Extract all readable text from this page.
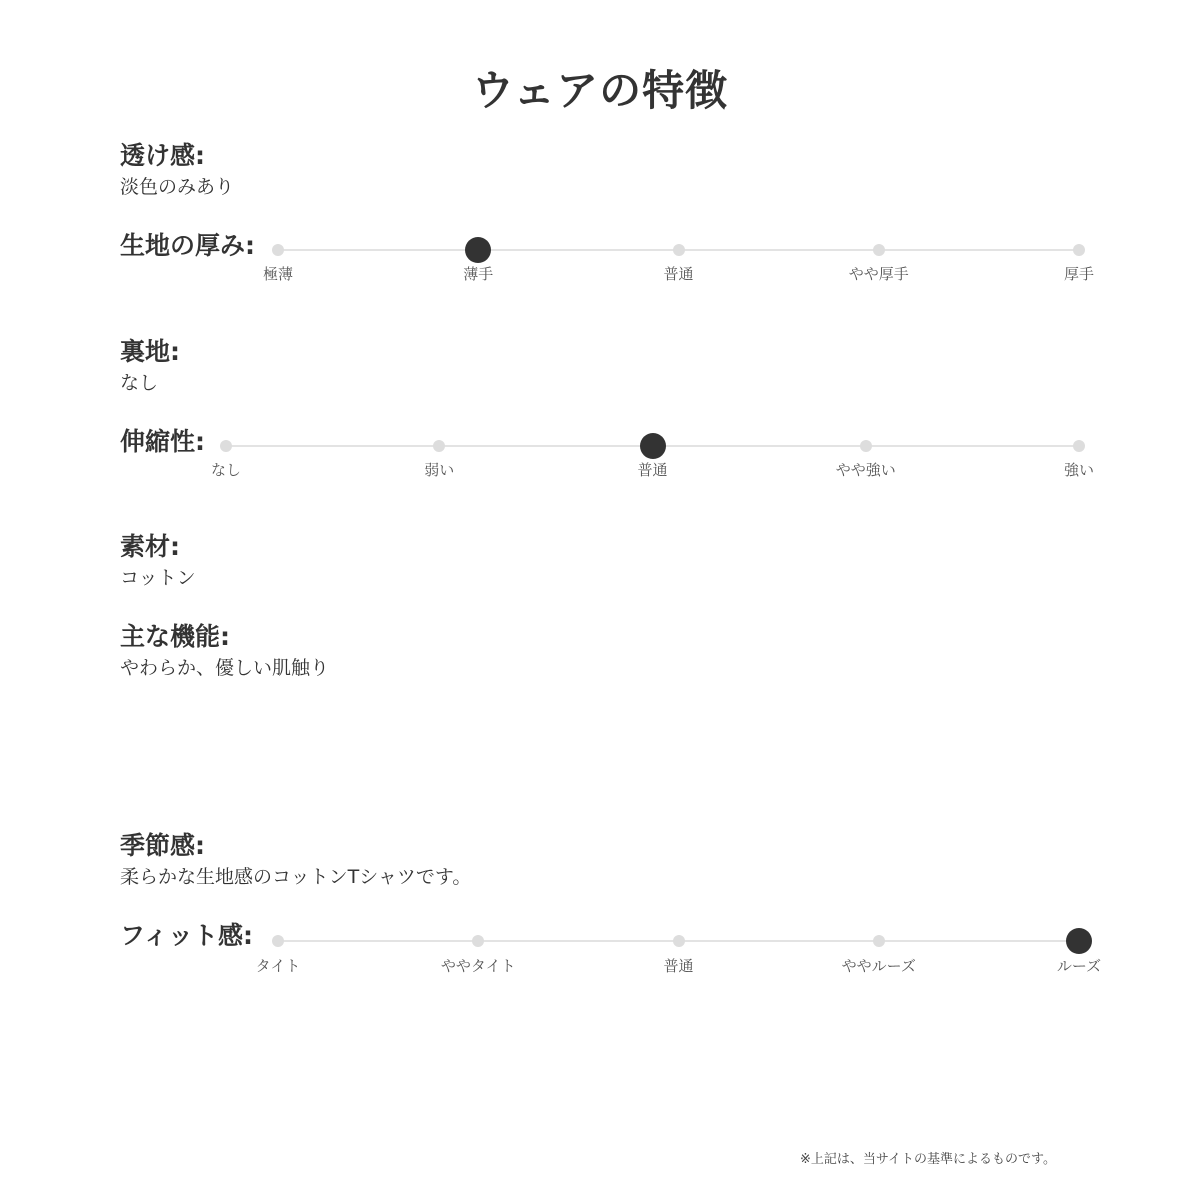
ウェアの特徴
透け感:
淡色のみあり
生地の厚み:
極薄	薄手	普通	やや厚手	厚手
裏地:
なし
伸縮性:
なし	弱い	普通	やや強い	強い
素材:
コットン
主な機能:
やわらか、優しい肌触り
季節感:
柔らかな生地感のコットンTシャツです。
フィット感:
タイト	ややタイト	普通	ややルーズ	ルーズ
※上記は、当サイトの基準によるものです。
